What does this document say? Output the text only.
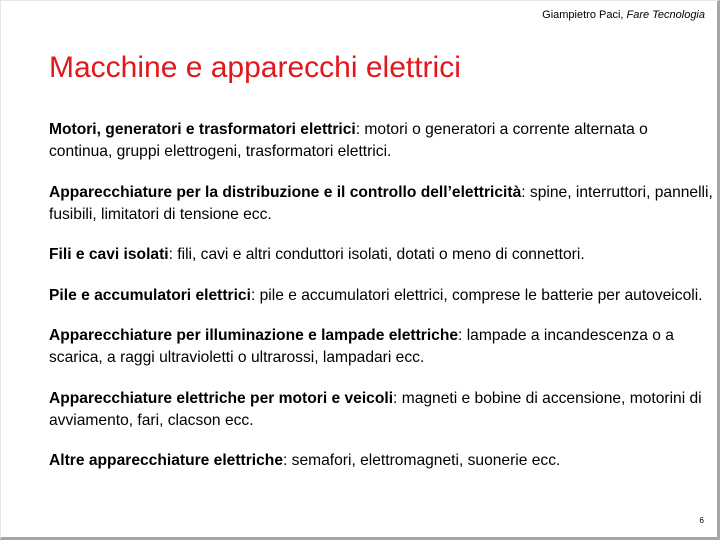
Giampietro Paci, Fare Tecnologia
Macchine e apparecchi elettrici
Motori, generatori e trasformatori elettrici: motori o generatori a corrente alternata o continua, gruppi elettrogeni, trasformatori elettrici.
Apparecchiature per la distribuzione e il controllo dell’elettricità: spine, interruttori, pannelli, fusibili, limitatori di tensione ecc.
Fili e cavi isolati: fili, cavi e altri conduttori isolati, dotati o meno di connettori.
Pile e accumulatori elettrici: pile e accumulatori elettrici, comprese le batterie per autoveicoli.
Apparecchiature per illuminazione e lampade elettriche: lampade a incandescenza o a scarica, a raggi ultravioletti o ultrarossi, lampadari ecc.
Apparecchiature elettriche per motori e veicoli: magneti e bobine di accensione, motorini di avviamento, fari, clacson ecc.
Altre apparecchiature elettriche: semafori, elettromagneti, suonerie ecc.
6
